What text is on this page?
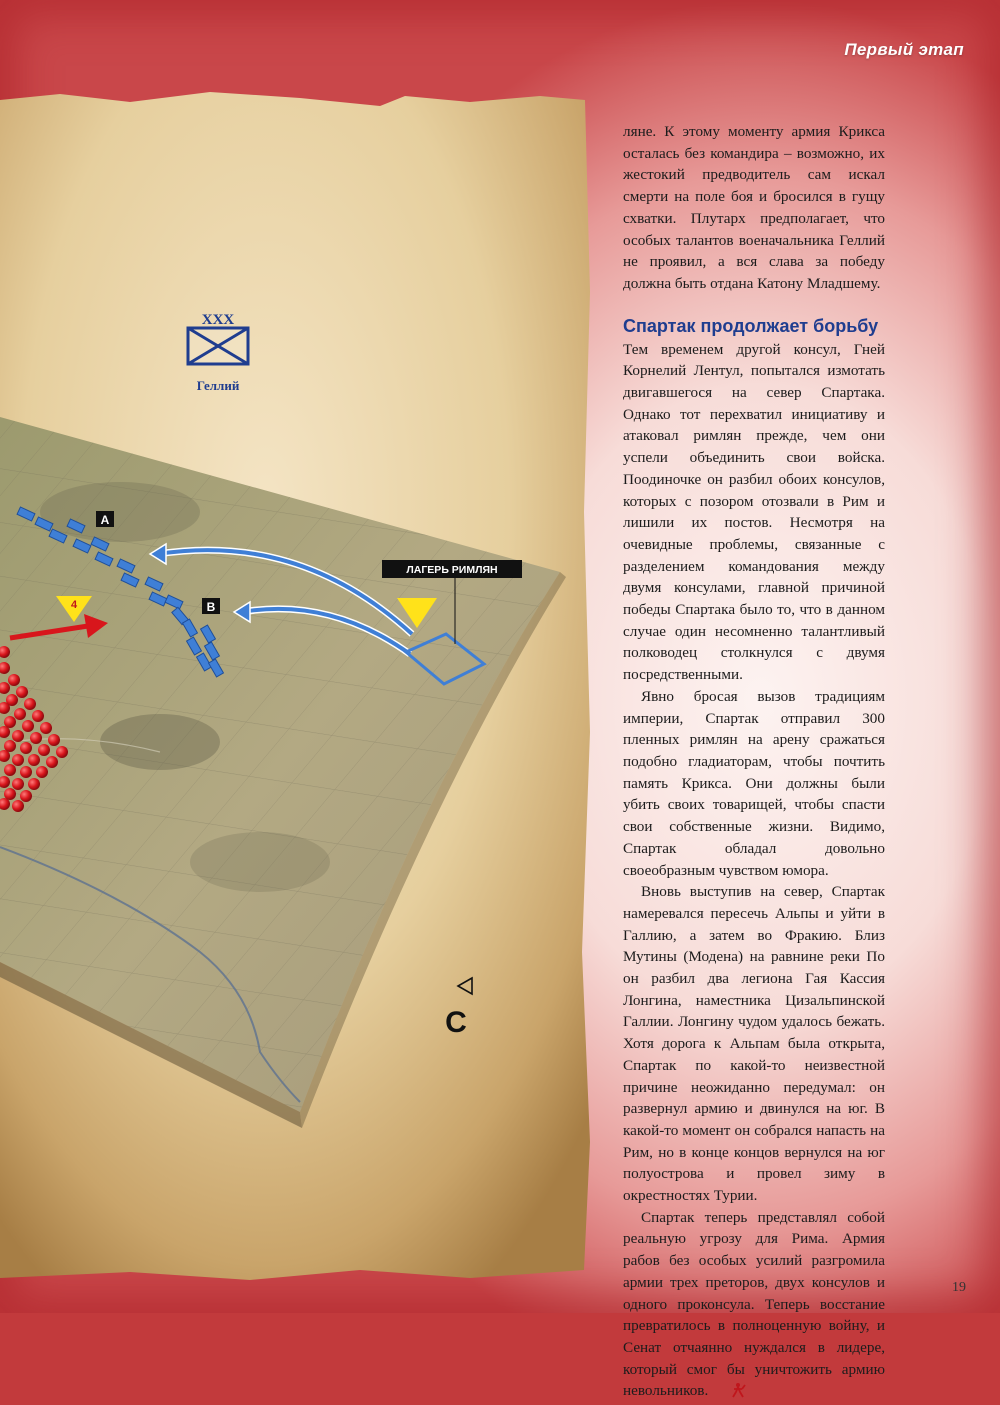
Первый этап
XXX
Геллий
A
B
ЛАГЕРЬ РИМЛЯН
4
С

ляне. К этому моменту армия Крикса осталась без командира – возможно, их жестокий предводитель сам искал смерти на поле боя и бросился в гущу схватки. Плутарх предполагает, что особых талантов военачальника Геллий не проявил, а вся слава за победу должна быть отдана Катону Младшему.

Спартак продолжает борьбу

Тем временем другой консул, Гней Корнелий Лентул, попытался измотать двигавшегося на север Спартака. Однако тот перехватил инициативу и атаковал римлян прежде, чем они успели объединить свои войска. Поодиночке он разбил обоих консулов, которых с позором отозвали в Рим и лишили их постов. Несмотря на очевидные проблемы, связанные с разделением командования между двумя консулами, главной причиной победы Спартака было то, что в данном случае один несомненно талантливый полководец столкнулся с двумя посредственными.

Явно бросая вызов традициям империи, Спартак отправил 300 пленных римлян на арену сражаться подобно гладиаторам, чтобы почтить память Крикса. Они должны были убить своих товарищей, чтобы спасти свои собственные жизни. Видимо, Спартак обладал довольно своеобразным чувством юмора.

Вновь выступив на север, Спартак намеревался пересечь Альпы и уйти в Галлию, а затем во Фракию. Близ Мутины (Модена) на равнине реки По он разбил два легиона Гая Кассия Лонгина, наместника Цизальпинской Галлии. Лонгину чудом удалось бежать. Хотя дорога к Альпам была открыта, Спартак по какой-то неизвестной причине неожиданно передумал: он развернул армию и двинулся на юг. В какой-то момент он собрался напасть на Рим, но в конце концов вернулся на юг полуострова и провел зиму в окрестностях Турии.

Спартак теперь представлял собой реальную угрозу для Рима. Армия рабов без особых усилий разгромила армии трех преторов, двух консулов и одного проконсула. Теперь восстание превратилось в полноценную войну, и Сенат отчаянно нуждался в лидере, который смог бы уничтожить армию невольников.

19
